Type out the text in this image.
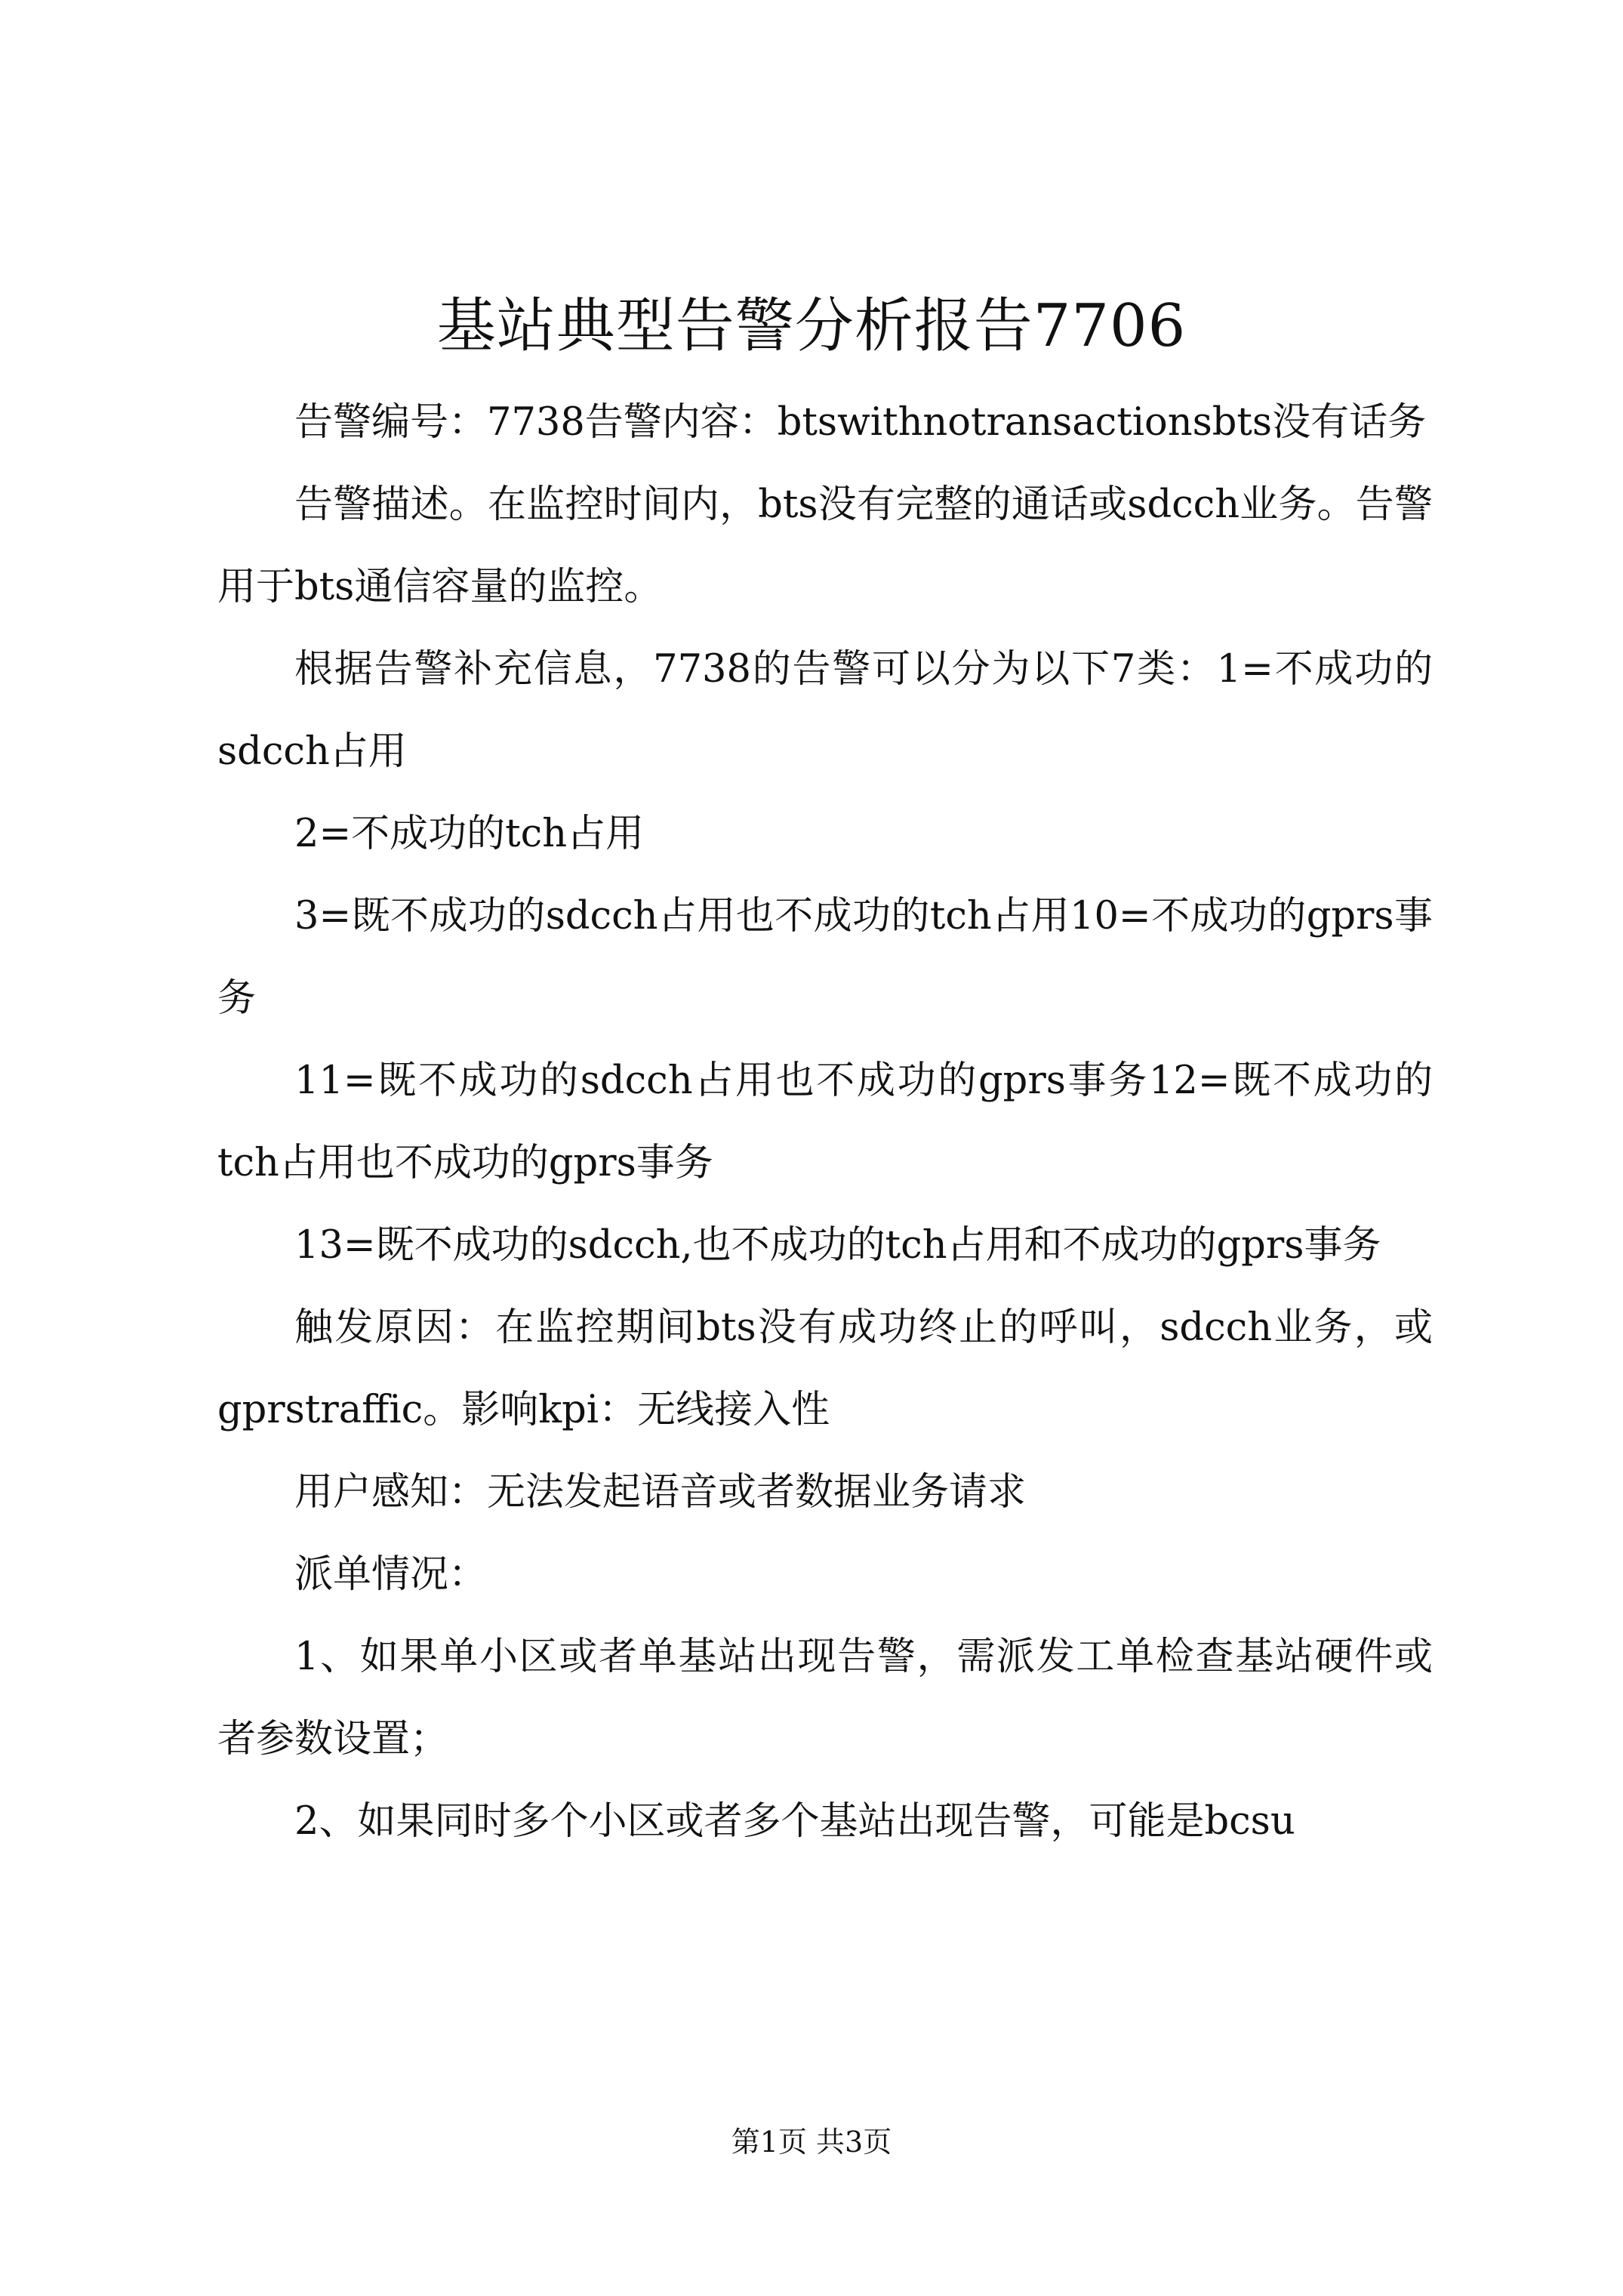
基站典型告警分析报告7706

告警编号：7738告警内容：btswithnotransactionsbts没有话务

告警描述。在监控时间内，bts没有完整的通话或sdcch业务。告警用于bts通信容量的监控。

根据告警补充信息，7738的告警可以分为以下7类：1=不成功的sdcch占用

2=不成功的tch占用

3=既不成功的sdcch占用也不成功的tch占用10=不成功的gprs事务

11=既不成功的sdcch占用也不成功的gprs事务12=既不成功的tch占用也不成功的gprs事务

13=既不成功的sdcch,也不成功的tch占用和不成功的gprs事务

触发原因：在监控期间bts没有成功终止的呼叫，sdcch业务，或gprstraffic。影响kpi：无线接入性

用户感知：无法发起语音或者数据业务请求

派单情况：

1、如果单小区或者单基站出现告警，需派发工单检查基站硬件或者参数设置；

2、如果同时多个小区或者多个基站出现告警，可能是bcsu

第1页 共3页
